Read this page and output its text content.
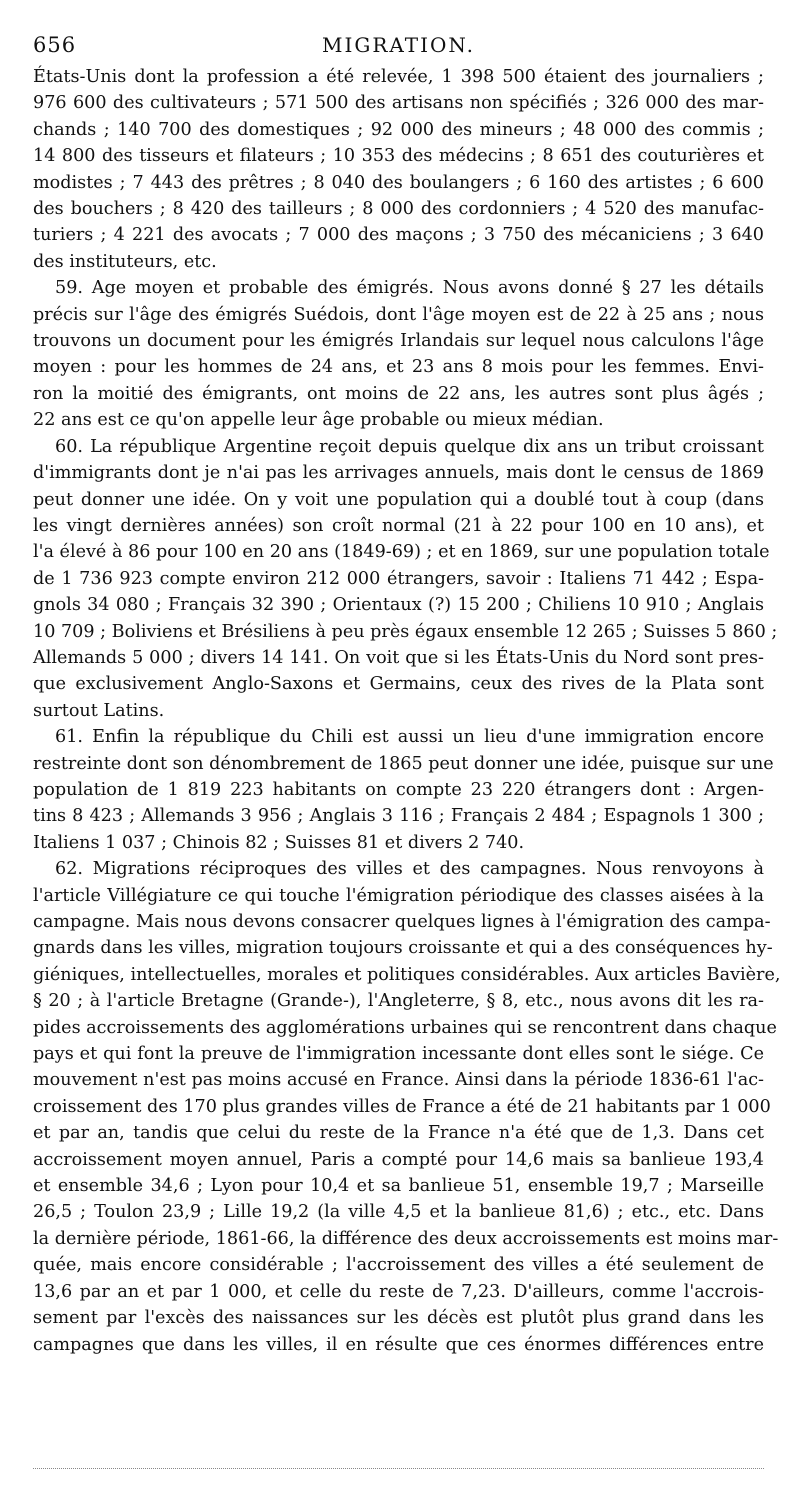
656	MIGRATION.
États-Unis dont la profession a été relevée, 1 398 500 étaient des journaliers ;
976 600 des cultivateurs ; 571 500 des artisans non spécifiés ; 326 000 des mar-
chands ; 140 700 des domestiques ; 92 000 des mineurs ; 48 000 des commis ;
14 800 des tisseurs et filateurs ; 10 353 des médecins ; 8 651 des couturières et
modistes ; 7 443 des prêtres ; 8 040 des boulangers ; 6 160 des artistes ; 6 600
des bouchers ; 8 420 des tailleurs ; 8 000 des cordonniers ; 4 520 des manufac-
turiers ; 4 221 des avocats ; 7 000 des maçons ; 3 750 des mécaniciens ; 3 640
des instituteurs, etc.
59. Age moyen et probable des émigrés. Nous avons donné § 27 les détails
précis sur l'âge des émigrés Suédois, dont l'âge moyen est de 22 à 25 ans ; nous
trouvons un document pour les émigrés Irlandais sur lequel nous calculons l'âge
moyen : pour les hommes de 24 ans, et 23 ans 8 mois pour les femmes. Envi-
ron la moitié des émigrants, ont moins de 22 ans, les autres sont plus âgés ;
22 ans est ce qu'on appelle leur âge probable ou mieux médian.
60. La république Argentine reçoit depuis quelque dix ans un tribut croissant
d'immigrants dont je n'ai pas les arrivages annuels, mais dont le census de 1869
peut donner une idée. On y voit une population qui a doublé tout à coup (dans
les vingt dernières années) son croît normal (21 à 22 pour 100 en 10 ans), et
l'a élevé à 86 pour 100 en 20 ans (1849-69) ; et en 1869, sur une population totale
de 1 736 923 compte environ 212 000 étrangers, savoir : Italiens 71 442 ; Espa-
gnols 34 080 ; Français 32 390 ; Orientaux (?) 15 200 ; Chiliens 10 910 ; Anglais
10 709 ; Boliviens et Brésiliens à peu près égaux ensemble 12 265 ; Suisses 5 860 ;
Allemands 5 000 ; divers 14 141. On voit que si les États-Unis du Nord sont pres-
que exclusivement Anglo-Saxons et Germains, ceux des rives de la Plata sont
surtout Latins.
61. Enfin la république du Chili est aussi un lieu d'une immigration encore
restreinte dont son dénombrement de 1865 peut donner une idée, puisque sur une
population de 1 819 223 habitants on compte 23 220 étrangers dont : Argen-
tins 8 423 ; Allemands 3 956 ; Anglais 3 116 ; Français 2 484 ; Espagnols 1 300 ;
Italiens 1 037 ; Chinois 82 ; Suisses 81 et divers 2 740.
62. Migrations réciproques des villes et des campagnes. Nous renvoyons à
l'article Villégiature ce qui touche l'émigration périodique des classes aisées à la
campagne. Mais nous devons consacrer quelques lignes à l'émigration des campa-
gnards dans les villes, migration toujours croissante et qui a des conséquences hy-
giéniques, intellectuelles, morales et politiques considérables. Aux articles Bavière,
§ 20 ; à l'article Bretagne (Grande-), l'Angleterre, § 8, etc., nous avons dit les ra-
pides accroissements des agglomérations urbaines qui se rencontrent dans chaque
pays et qui font la preuve de l'immigration incessante dont elles sont le siége. Ce
mouvement n'est pas moins accusé en France. Ainsi dans la période 1836-61 l'ac-
croissement des 170 plus grandes villes de France a été de 21 habitants par 1 000
et par an, tandis que celui du reste de la France n'a été que de 1,3. Dans cet
accroissement moyen annuel, Paris a compté pour 14,6 mais sa banlieue 193,4
et ensemble 34,6 ; Lyon pour 10,4 et sa banlieue 51, ensemble 19,7 ; Marseille
26,5 ; Toulon 23,9 ; Lille 19,2 (la ville 4,5 et la banlieue 81,6) ; etc., etc. Dans
la dernière période, 1861-66, la différence des deux accroissements est moins mar-
quée, mais encore considérable ; l'accroissement des villes a été seulement de
13,6 par an et par 1 000, et celle du reste de 7,23. D'ailleurs, comme l'accrois-
sement par l'excès des naissances sur les décès est plutôt plus grand dans les
campagnes que dans les villes, il en résulte que ces énormes différences entre
